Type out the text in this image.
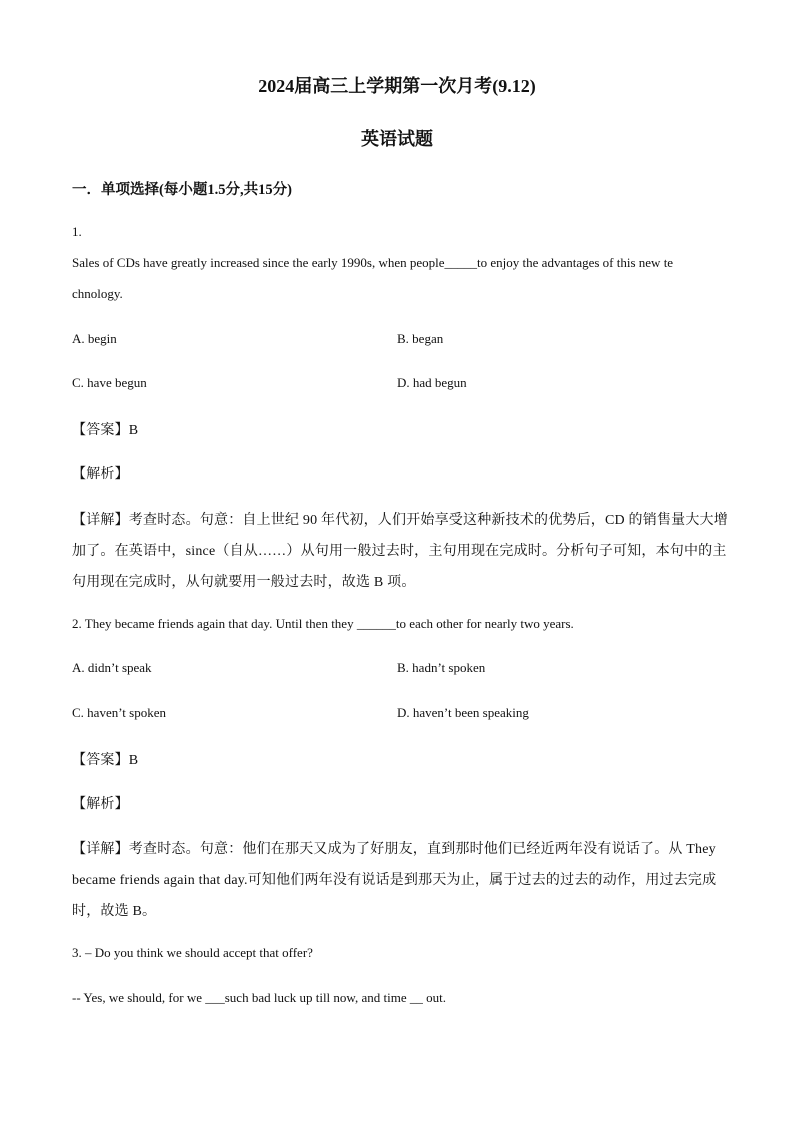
2024届高三上学期第一次月考(9.12)
英语试题
一．单项选择(每小题1.5分,共15分)
1.
Sales of CDs have greatly increased since the early 1990s, when people_____to enjoy the advantages of this new te
chnology.
A. begin	B. began
C. have begun	D. had begun
【答案】B
【解析】
【详解】考查时态。句意：自上世纪 90 年代初，人们开始享受这种新技术的优势后，CD 的销售量大大增
加了。在英语中，since（自从……）从句用一般过去时，主句用现在完成时。分析句子可知，本句中的主
句用现在完成时，从句就要用一般过去时，故选 B 项。
2. They became friends again that day. Until then they ______to each other for nearly two years.
A. didn’t speak	B. hadn’t spoken
C. haven’t spoken	D. haven’t been speaking
【答案】B
【解析】
【详解】考查时态。句意：他们在那天又成为了好朋友，直到那时他们已经近两年没有说话了。从 They
became friends again that day.可知他们两年没有说话是到那天为止，属于过去的过去的动作，用过去完成
时，故选 B。
3. – Do you think we should accept that offer?
-- Yes, we should, for we ___such bad luck up till now, and time __ out.
